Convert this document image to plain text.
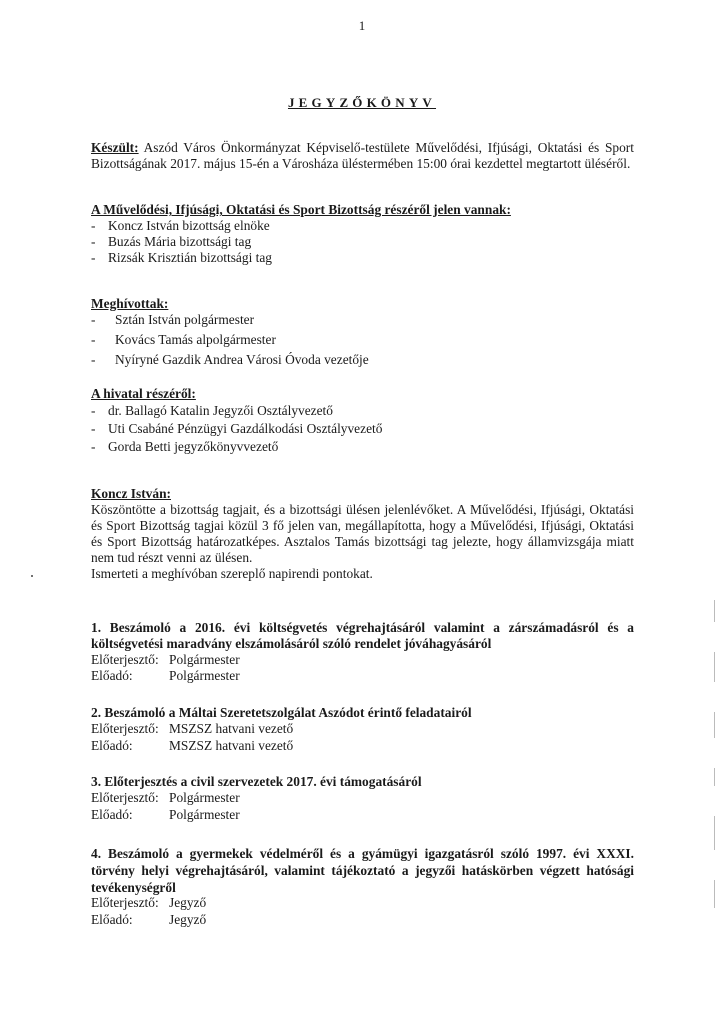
1
JEGYZŐKÖNYV
Készült: Aszód Város Önkormányzat Képviselő-testülete Művelődési, Ifjúsági, Oktatási és Sport Bizottságának 2017. május 15-én a Városháza üléstermében 15:00 órai kezdettel megtartott üléséről.
A Művelődési, Ifjúsági, Oktatási és Sport Bizottság részéről jelen vannak:
- Koncz István bizottság elnöke
- Buzás Mária bizottsági tag
- Rizsák Krisztián bizottsági tag
Meghívottak:
- Sztán István polgármester
- Kovács Tamás alpolgármester
- Nyíryné Gazdik Andrea Városi Óvoda vezetője
A hivatal részéről:
- dr. Ballagó Katalin Jegyzői Osztályvezető
- Uti Csabáné Pénzügyi Gazdálkodási Osztályvezető
- Gorda Betti jegyzőkönyvvezető
Koncz István:
Köszöntötte a bizottság tagjait, és a bizottsági ülésen jelenlévőket. A Művelődési, Ifjúsági, Oktatási és Sport Bizottság tagjai közül 3 fő jelen van, megállapította, hogy a Művelődési, Ifjúsági, Oktatási és Sport Bizottság határozatképes. Asztalos Tamás bizottsági tag jelezte, hogy államvizsgája miatt nem tud részt venni az ülésen.
Ismerteti a meghívóban szereplő napirendi pontokat.
1. Beszámoló a 2016. évi költségvetés végrehajtásáról valamint a zárszámadásról és a költségvetési maradvány elszámolásáról szóló rendelet jóváhagyásáról
Előterjesztő: Polgármester
Előadó:	Polgármester
2. Beszámoló a Máltai Szeretetszolgálat Aszódot érintő feladatairól
Előterjesztő: MSZSZ hatvani vezető
Előadó:	MSZSZ hatvani vezető
3. Előterjesztés a civil szervezetek 2017. évi támogatásáról
Előterjesztő: Polgármester
Előadó:	Polgármester
4. Beszámoló a gyermekek védelméről és a gyámügyi igazgatásról szóló 1997. évi XXXI. törvény helyi végrehajtásáról, valamint tájékoztató a jegyzői hatáskörben végzett hatósági tevékenységről
Előterjesztő: Jegyző
Előadó:	Jegyző
